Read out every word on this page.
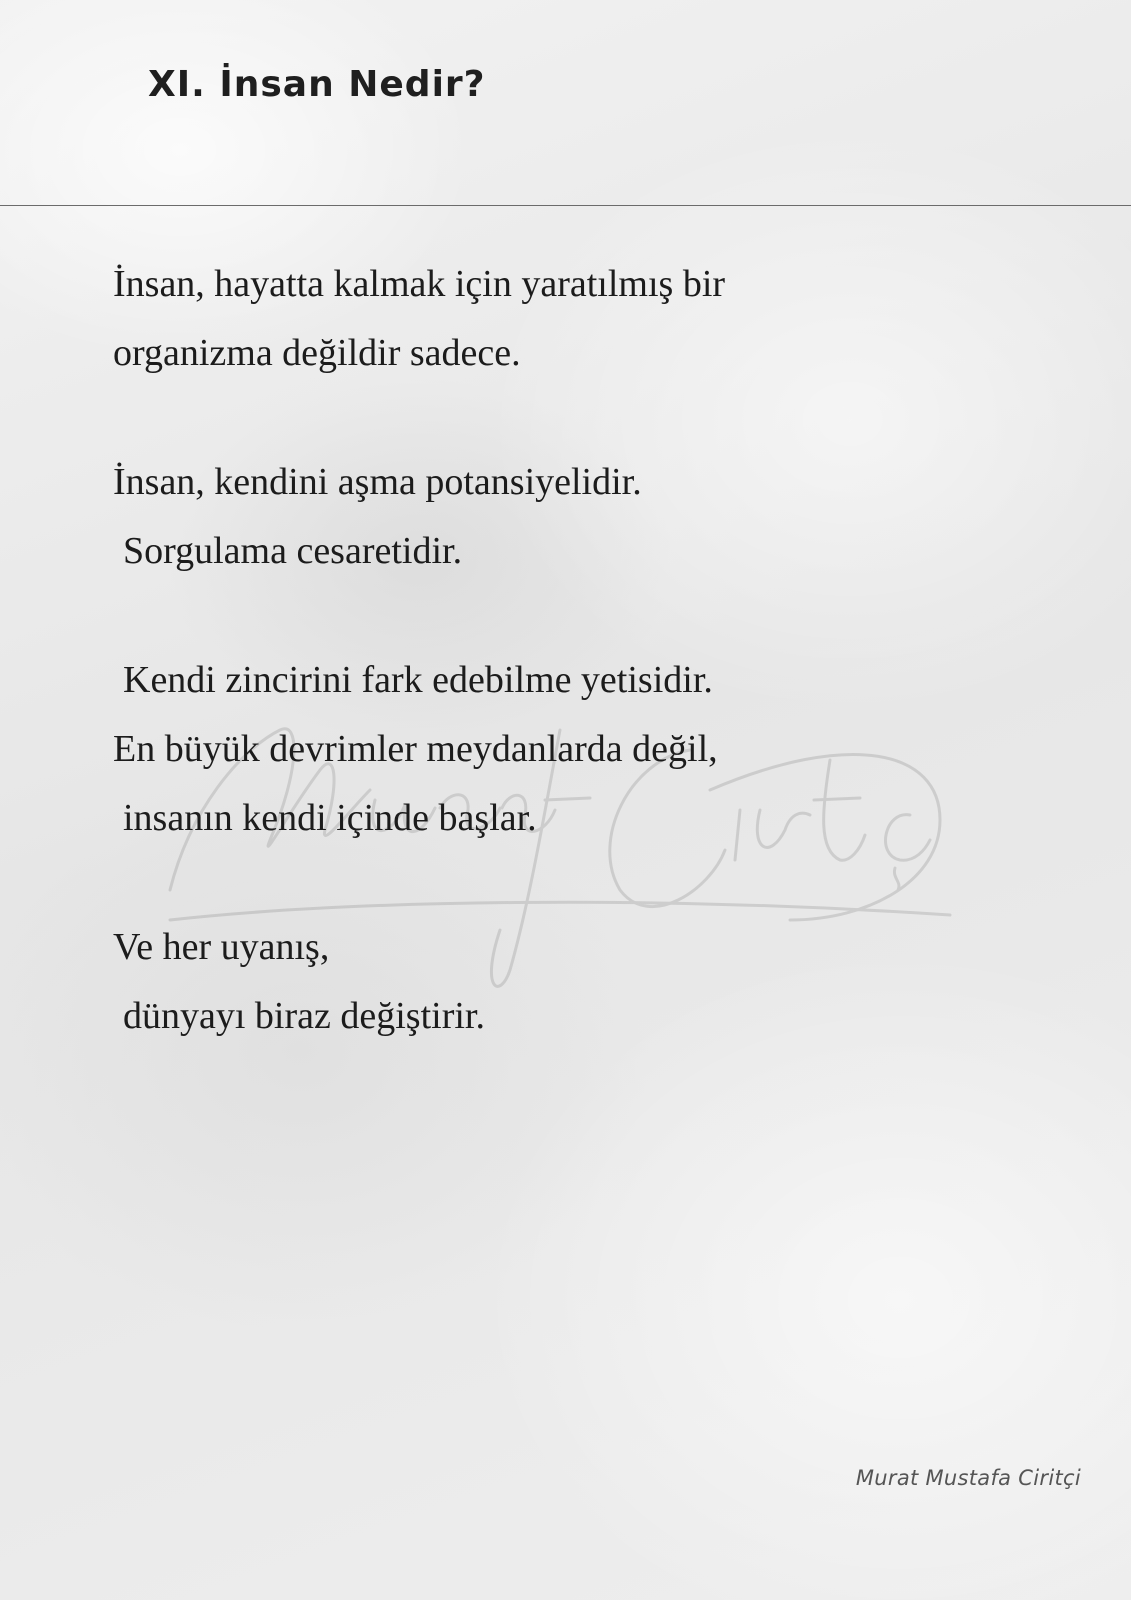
XI. İnsan Nedir?
İnsan, hayatta kalmak için yaratılmış bir
organizma değildir sadece.
İnsan, kendini aşma potansiyelidir.
Sorgulama cesaretidir.
Kendi zincirini fark edebilme yetisidir.
En büyük devrimler meydanlarda değil,
insanın kendi içinde başlar.
Ve her uyanış,
dünyayı biraz değiştirir.
Murat Mustafa Ciritçi
